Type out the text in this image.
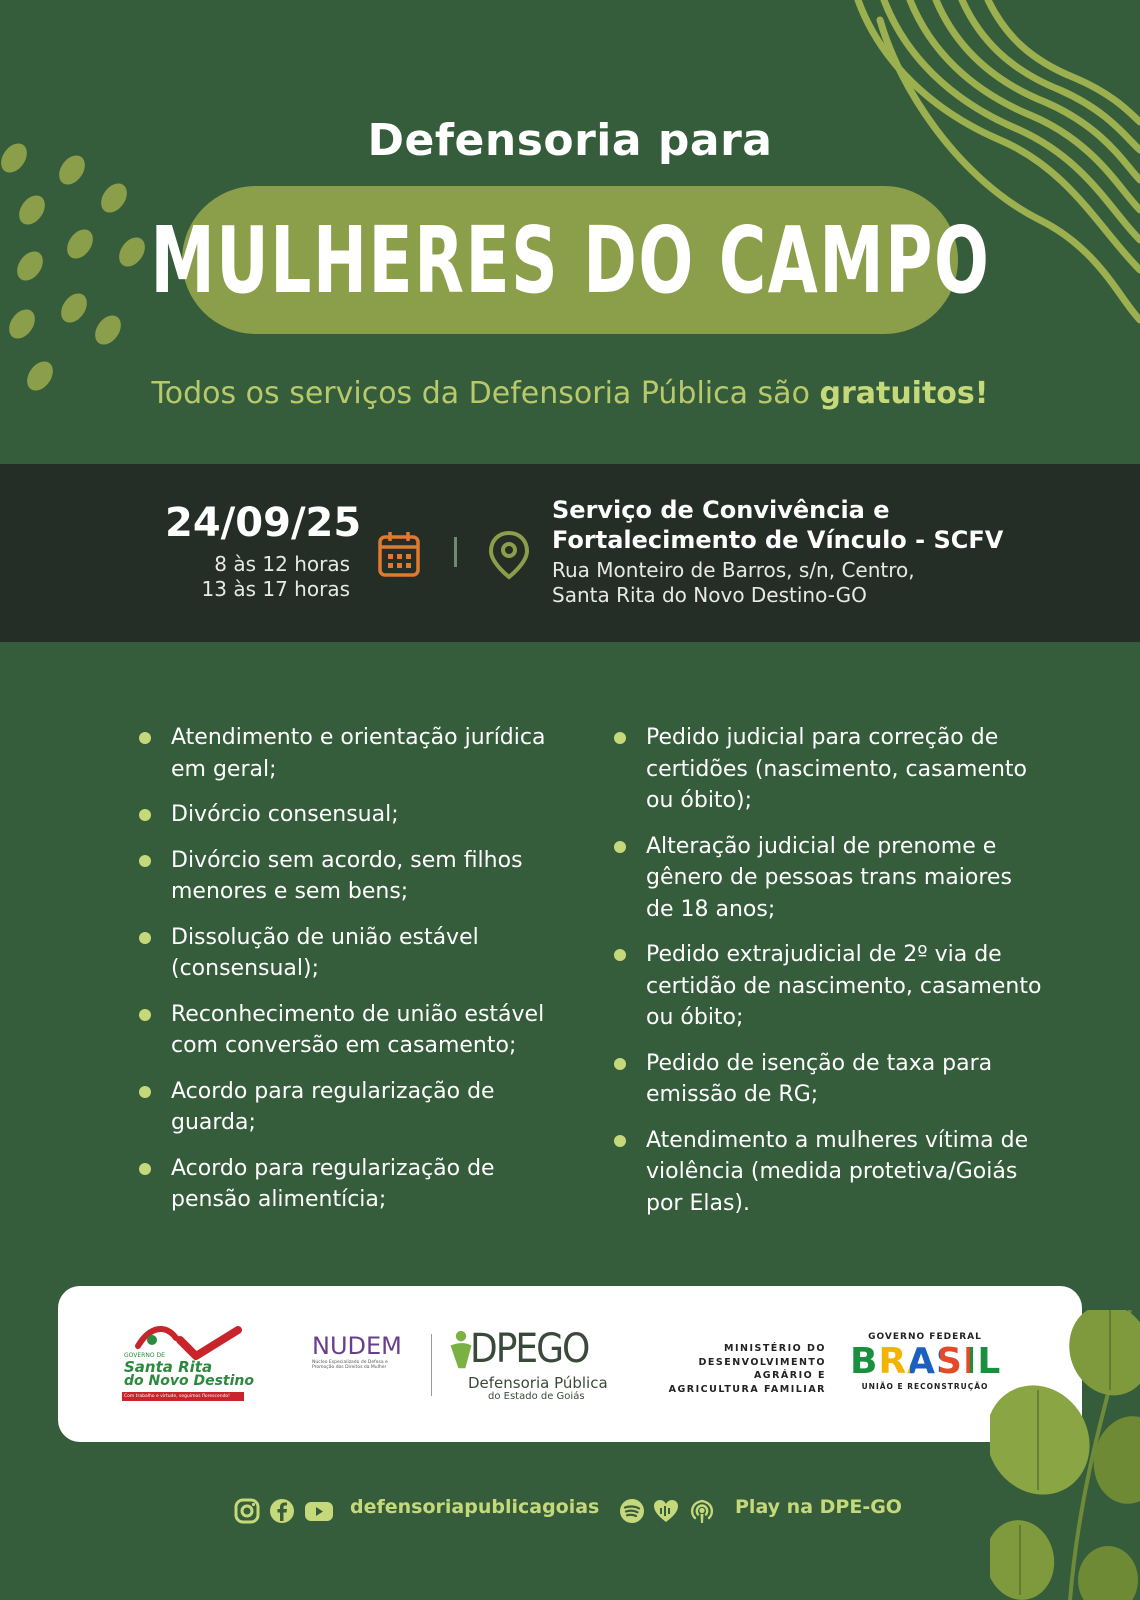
Defensoria para
MULHERES DO CAMPO
Todos os serviços da Defensoria Pública são gratuitos!
24/09/25
8 às 12 horas
13 às 17 horas
Serviço de Convivência e
Fortalecimento de Vínculo - SCFV
Rua Monteiro de Barros, s/n, Centro,
Santa Rita do Novo Destino-GO
Atendimento e orientação jurídica em geral;
Divórcio consensual;
Divórcio sem acordo, sem filhos menores e sem bens;
Dissolução de união estável (consensual);
Reconhecimento de união estável com conversão em casamento;
Acordo para regularização de guarda;
Acordo para regularização de pensão alimentícia;
Pedido judicial para correção de certidões (nascimento, casamento ou óbito);
Alteração judicial de prenome e gênero de pessoas trans maiores de 18 anos;
Pedido extrajudicial de 2º via de certidão de nascimento, casamento ou óbito;
Pedido de isenção de taxa para emissão de RG;
Atendimento a mulheres vítima de violência (medida protetiva/Goiás por Elas).
GOVERNO DE
Santa Rita
do Novo Destino
Com trabalho e virtude, seguimos florescendo!
NUDEM
Núcleo Especializado de Defesa e
Promoção dos Direitos da Mulher	DPEGO
Defensoria Pública
do Estado de Goiás
MINISTÉRIO DO
DESENVOLVIMENTO
AGRÁRIO E
AGRICULTURA FAMILIAR
GOVERNO FEDERAL
BRASIL
UNIÃO E RECONSTRUÇÃO
defensoriapublicagoias	Play na DPE-GO
